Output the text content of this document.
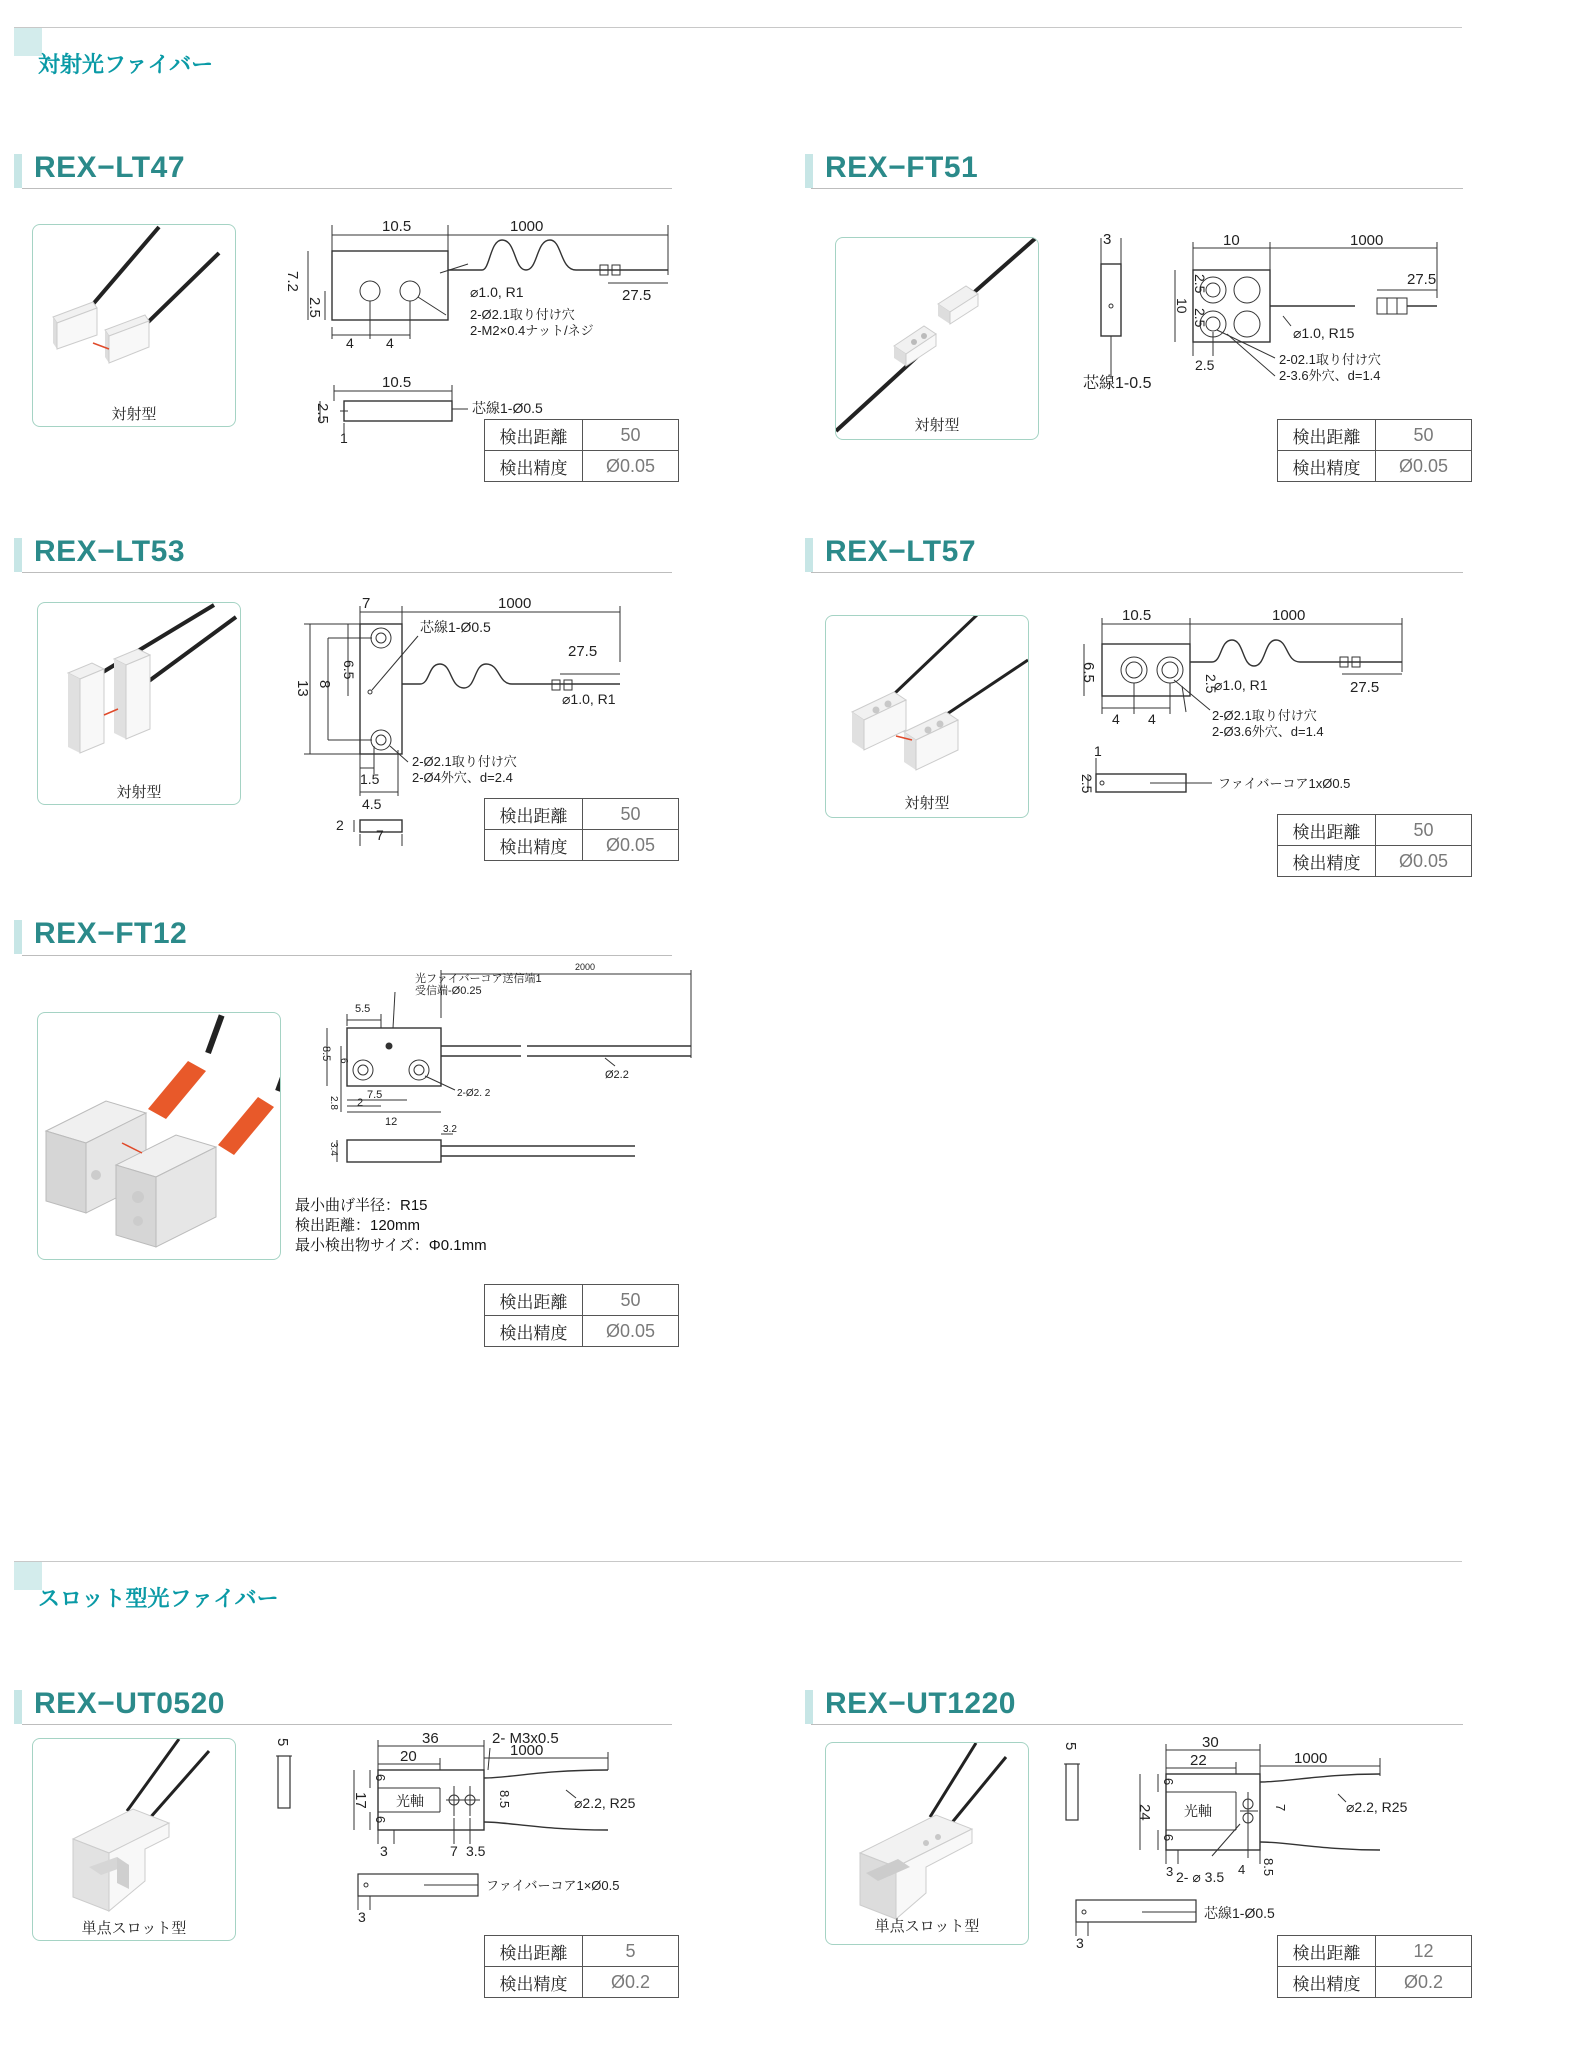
対射光ファイバー
REX−LT47
対射型
10.5	1000
7.2
2.5
27.5
⌀1.0, R1
4 4
2-Ø2.1取り付け穴
2-M2×0.4ナット/ネジ
10.5
2.5
1
芯線1-Ø0.5
検出距離	50
検出精度	Ø0.05
REX−FT51
対射型
3	10	1000
10
2.5
2.5
27.5
⌀1.0, R15
2-02.1取り付け穴
2-3.6外穴、d=1.4
2.5
芯線1-0.5
検出距離	50
検出精度	Ø0.05
REX−LT53
対射型
7	1000
13 8
6.5
芯線1-Ø0.5
27.5
⌀1.0, R1
2-Ø2.1取り付け穴
2-Ø4外穴、d=2.4
1.5
4.5
2
7
検出距離	50
検出精度	Ø0.05
REX−LT57
対射型
10.5	1000
6.5
2.5
⌀1.0, R1	27.5
4 4	2-Ø2.1取り付け穴
2-Ø3.6外穴、d=1.4
1
2.5	ファイバーコア1xØ0.5
検出距離	50
検出精度	Ø0.05
REX−FT12
2000
光ファイバーコア送信端1
受信端-Ø0.25
5.5
8.5 6
2-Ø2. 2
Ø2.2
7.5
2
2.8
12
3.2
3.4
最小曲げ半径：R15
検出距離：120mm
最小検出物サイズ：Φ0.1mm
検出距離	50
検出精度	Ø0.05
スロット型光ファイバー
REX−UT0520
単点スロット型
5	36
20
2- M3x0.5
1000
17
6
6
光軸	⌀2.2, R25
8.5
3	7 3.5
ファイバーコア1×Ø0.5
3
検出距離	5
検出精度	Ø0.2
REX−UT1220
単点スロット型
5	30
22	1000
24
6
6
光軸	7	⌀2.2, R25
3 2- ⌀ 3.5 4 8.5
芯線1-Ø0.5
3
検出距離	12
検出精度	Ø0.2
